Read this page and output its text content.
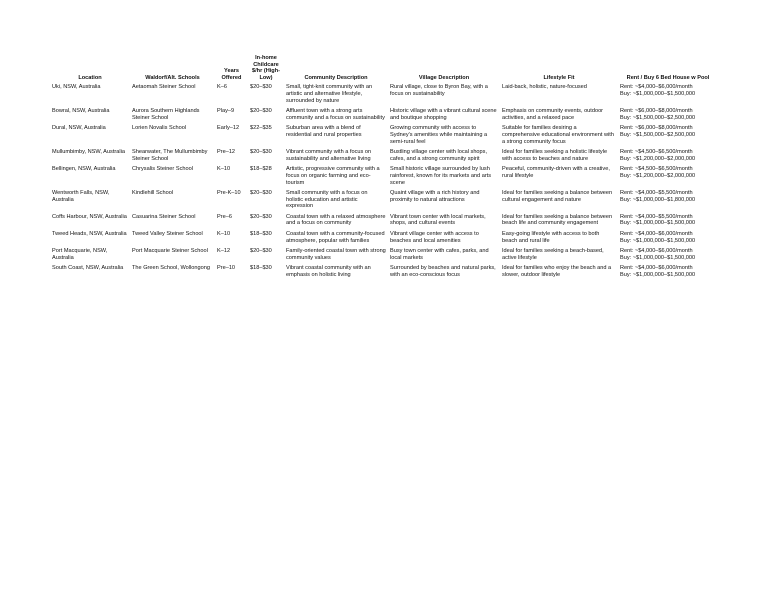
Location	Waldorf/Alt. Schools	Years Offered	In-home Childcare $/hr (High-Low)	Community Description	Village Description	Lifestyle Fit	Rent / Buy 6 Bed House w Pool
Uki, NSW, Australia	Aetaomah Steiner School	K–6	$20–$30	Small, tight-knit community with an artistic and alternative lifestyle, surrounded by nature	Rural village, close to Byron Bay, with a focus on sustainability	Laid-back, holistic, nature-focused	Rent: ~$4,000–$6,000/month
Buy: ~$1,000,000–$1,500,000
Bowral, NSW, Australia	Aurora Southern Highlands Steiner School	Play–9	$20–$30	Affluent town with a strong arts community and a focus on sustainability	Historic village with a vibrant cultural scene and boutique shopping	Emphasis on community events, outdoor activities, and a relaxed pace	Rent: ~$6,000–$8,000/month
Buy: ~$1,500,000–$2,500,000
Dural, NSW, Australia	Lorien Novalis School	Early–12	$22–$35	Suburban area with a blend of residential and rural properties	Growing community with access to Sydney's amenities while maintaining a semi-rural feel	Suitable for families desiring a comprehensive educational environment with a strong community focus	Rent: ~$6,000–$8,000/month
Buy: ~$1,500,000–$2,500,000
Mullumbimby, NSW, Australia	Shearwater, The Mullumbimby Steiner School	Pre–12	$20–$30	Vibrant community with a focus on sustainability and alternative living	Bustling village center with local shops, cafes, and a strong community spirit	Ideal for families seeking a holistic lifestyle with access to beaches and nature	Rent: ~$4,500–$6,500/month
Buy: ~$1,200,000–$2,000,000
Bellingen, NSW, Australia	Chrysalis Steiner School	K–10	$18–$28	Artistic, progressive community with a focus on organic farming and eco-tourism	Small historic village surrounded by lush rainforest, known for its markets and arts scene	Peaceful, community-driven with a creative, rural lifestyle	Rent: ~$4,500–$6,500/month
Buy: ~$1,200,000–$2,000,000
Wentworth Falls, NSW, Australia	Kindlehill School	Pre-K–10	$20–$30	Small community with a focus on holistic education and artistic expression	Quaint village with a rich history and proximity to natural attractions	Ideal for families seeking a balance between cultural engagement and nature	Rent: ~$4,000–$5,500/month
Buy: ~$1,000,000–$1,800,000
Coffs Harbour, NSW, Australia	Casuarina Steiner School	Pre–6	$20–$30	Coastal town with a relaxed atmosphere and a focus on community	Vibrant town center with local markets, shops, and cultural events	Ideal for families seeking a balance between beach life and community engagement	Rent: ~$4,000–$5,500/month
Buy: ~$1,000,000–$1,500,000
Tweed Heads, NSW, Australia	Tweed Valley Steiner School	K–10	$18–$30	Coastal town with a community-focused atmosphere, popular with families	Vibrant village center with access to beaches and local amenities	Easy-going lifestyle with access to both beach and rural life	Rent: ~$4,000–$6,000/month
Buy: ~$1,000,000–$1,500,000
Port Macquarie, NSW, Australia	Port Macquarie Steiner School	K–12	$20–$30	Family-oriented coastal town with strong community values	Busy town center with cafes, parks, and local markets	Ideal for families seeking a beach-based, active lifestyle	Rent: ~$4,000–$6,000/month
Buy: ~$1,000,000–$1,500,000
South Coast, NSW, Australia	The Green School, Wollongong	Pre–10	$18–$30	Vibrant coastal community with an emphasis on holistic living	Surrounded by beaches and natural parks, with an eco-conscious focus	Ideal for families who enjoy the beach and a slower, outdoor lifestyle	Rent: ~$4,000–$6,000/month
Buy: ~$1,000,000–$1,500,000
